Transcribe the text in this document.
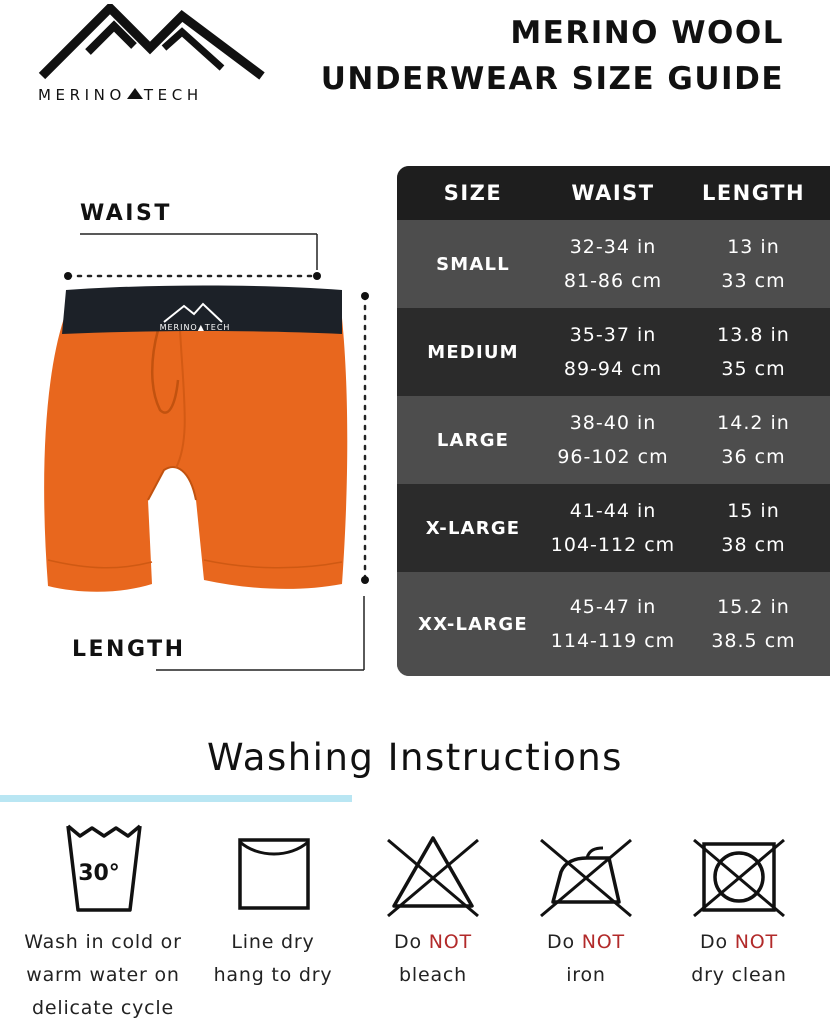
MERINO TECH
MERINO WOOL
UNDERWEAR SIZE GUIDE
WAIST
LENGTH
MERINO▲TECH
SIZE	WAIST	LENGTH
SMALL
32-34 in
81-86 cm
13 in
33 cm
MEDIUM
35-37 in
89-94 cm
13.8 in
35 cm
LARGE
38-40 in
96-102 cm
14.2 in
36 cm
X-LARGE
41-44 in
104-112 cm
15 in
38 cm
XX-LARGE
45-47 in
114-119 cm
15.2 in
38.5 cm
Washing Instructions
30°
Wash in cold or
warm water on
delicate cycle
Line dry
hang to dry
Do NOT
bleach
Do NOT
iron
Do NOT
dry clean
